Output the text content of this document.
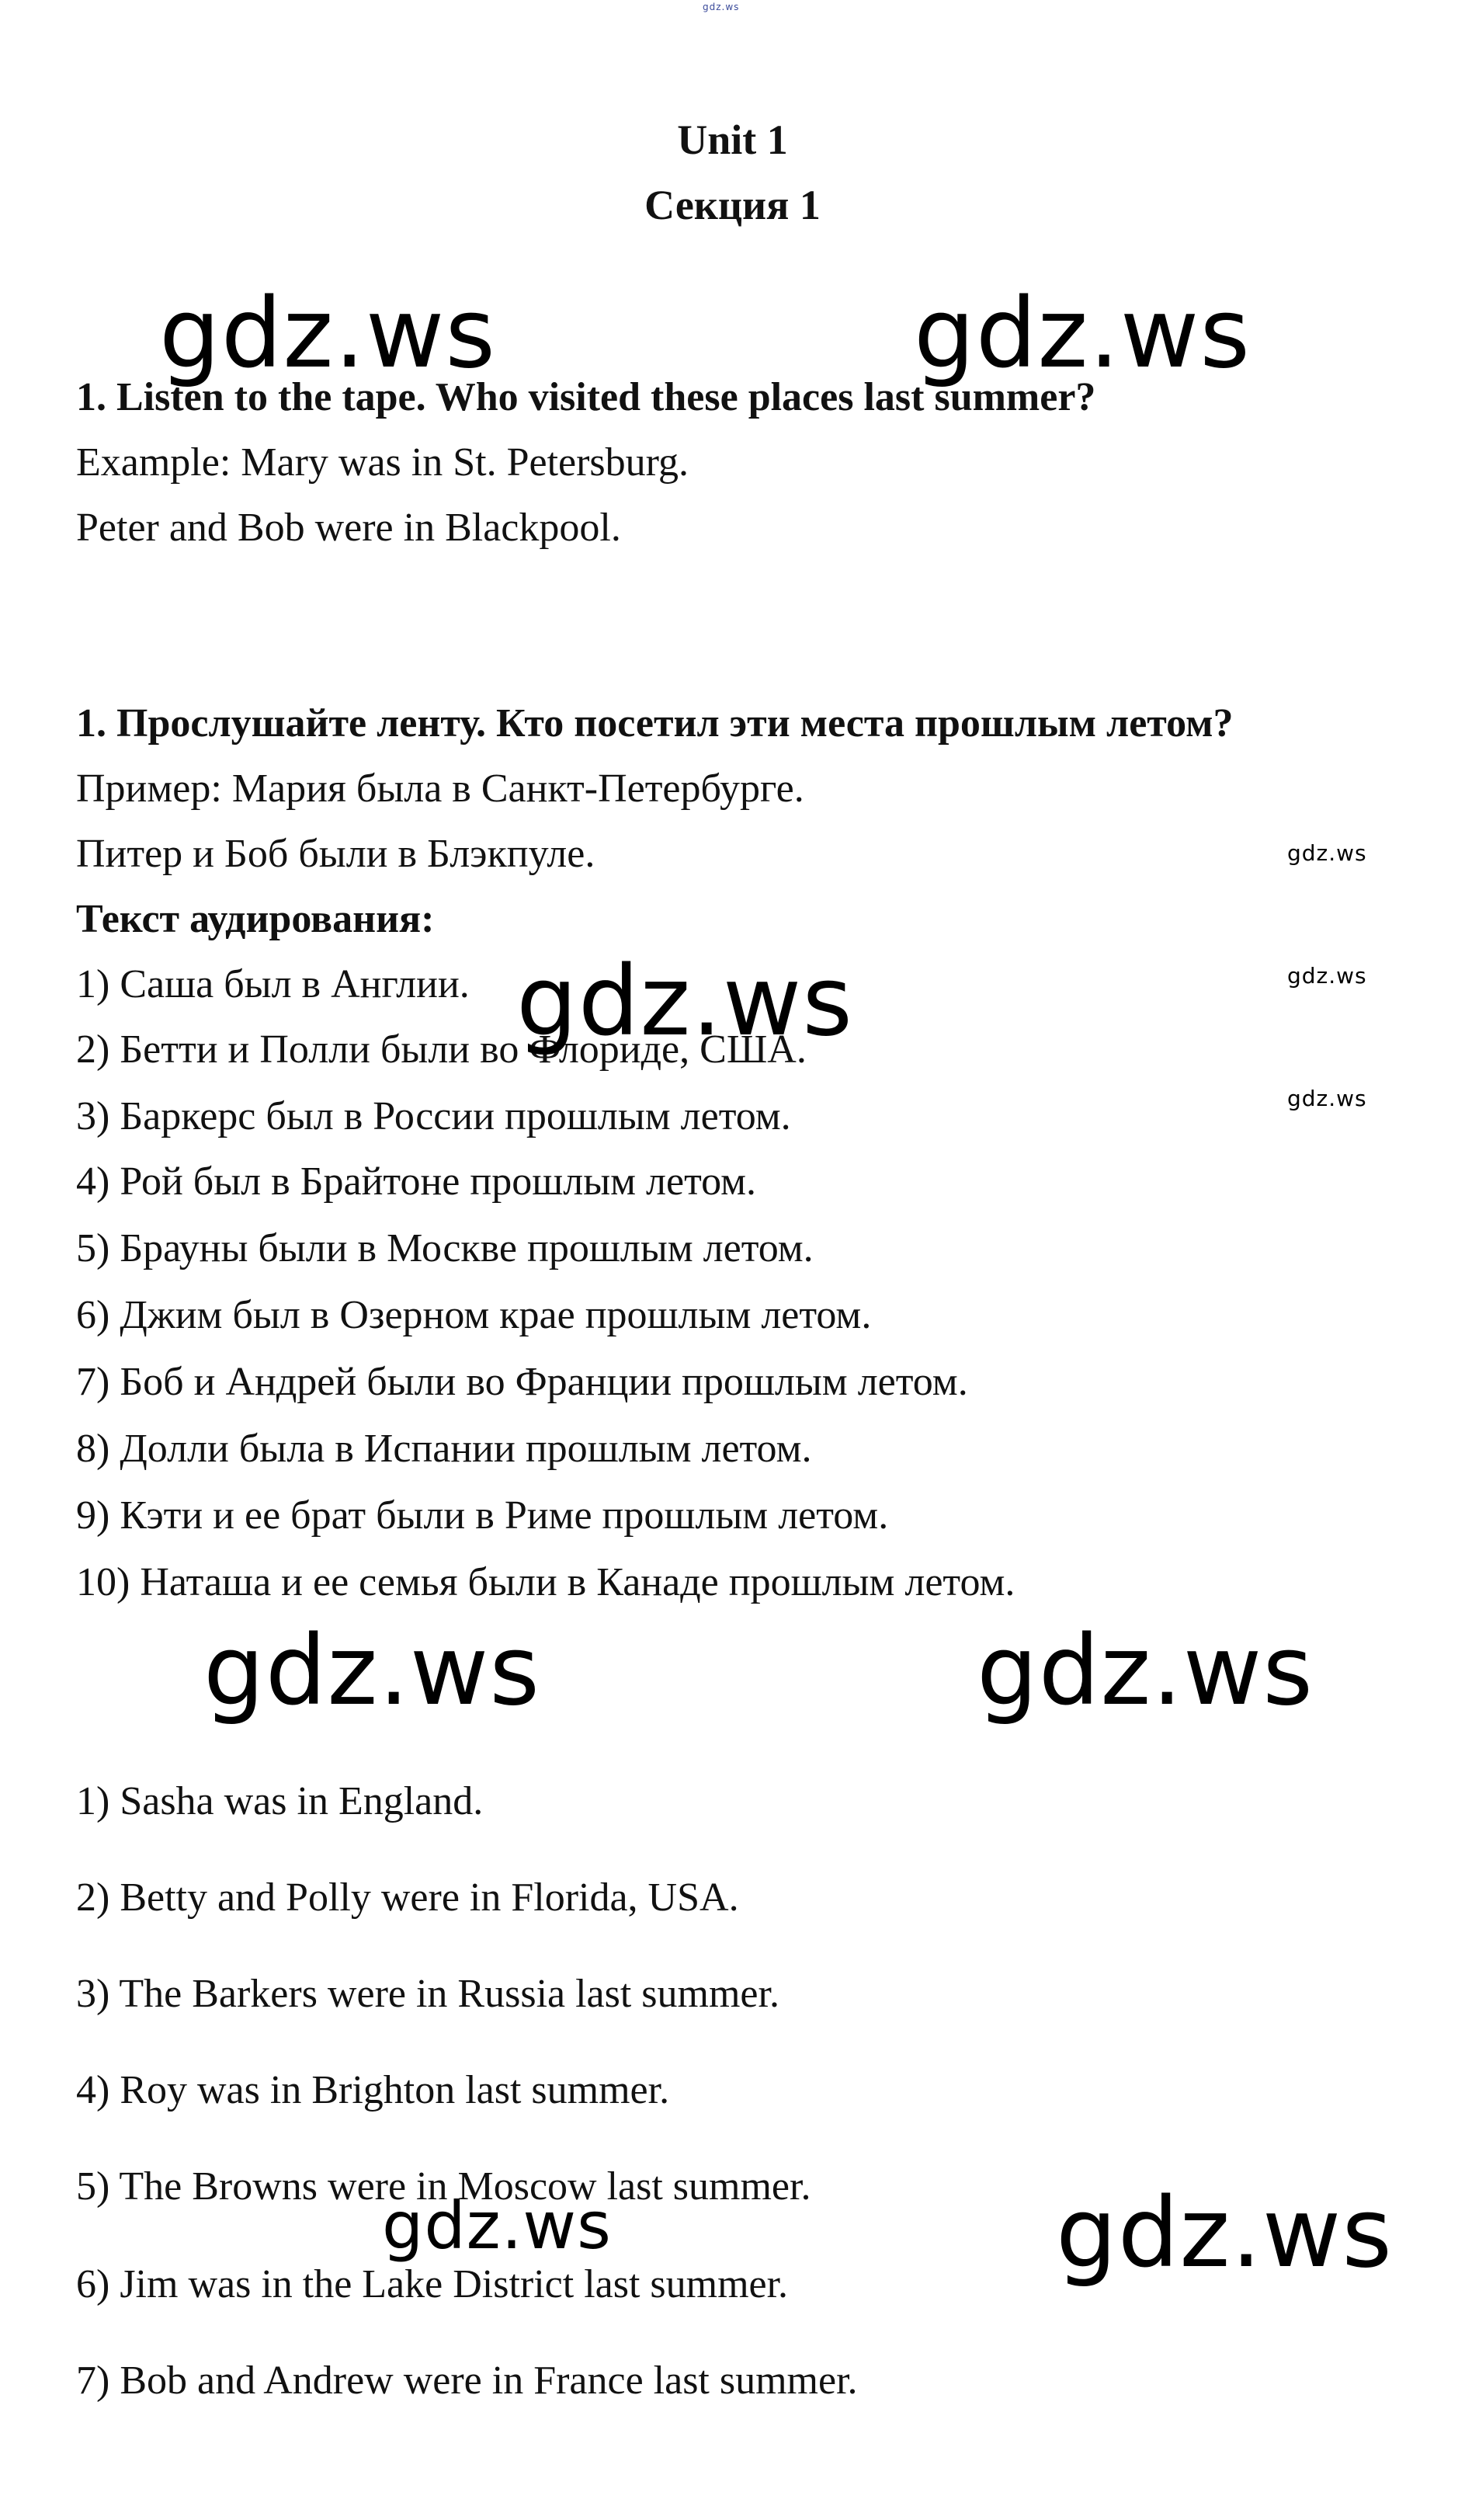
gdz.ws
Unit 1
Секция 1
gdz.ws	gdz.ws
1. Listen to the tape. Who visited these places last summer?
Example: Mary was in St. Petersburg.
Peter and Bob were in Blackpool.
1. Прослушайте ленту. Кто посетил эти места прошлым летом?
Пример: Мария была в Санкт-Петербурге.
Питер и Боб были в Блэкпуле.	gdz.ws
gdz.ws
gdz.ws
Текст аудирования:
1) Саша был в Англии.
2) Бетти и Полли были во Флориде, США.
3) Баркерс был в России прошлым летом.
4) Рой был в Брайтоне прошлым летом.
5) Брауны были в Москве прошлым летом.
6) Джим был в Озерном крае прошлым летом.
7) Боб и Андрей были во Франции прошлым летом.
8) Долли была в Испании прошлым летом.
9) Кэти и ее брат были в Риме прошлым летом.
10) Наташа и ее семья были в Канаде прошлым летом.
gdz.ws
gdz.ws	gdz.ws
1) Sasha was in England.
2) Betty and Polly were in Florida, USA.
3) The Barkers were in Russia last summer.
4) Roy was in Brighton last summer.
5) The Browns were in Moscow last summer.
6) Jim was in the Lake District last summer.
7) Bob and Andrew were in France last summer.
gdz.ws	gdz.ws
